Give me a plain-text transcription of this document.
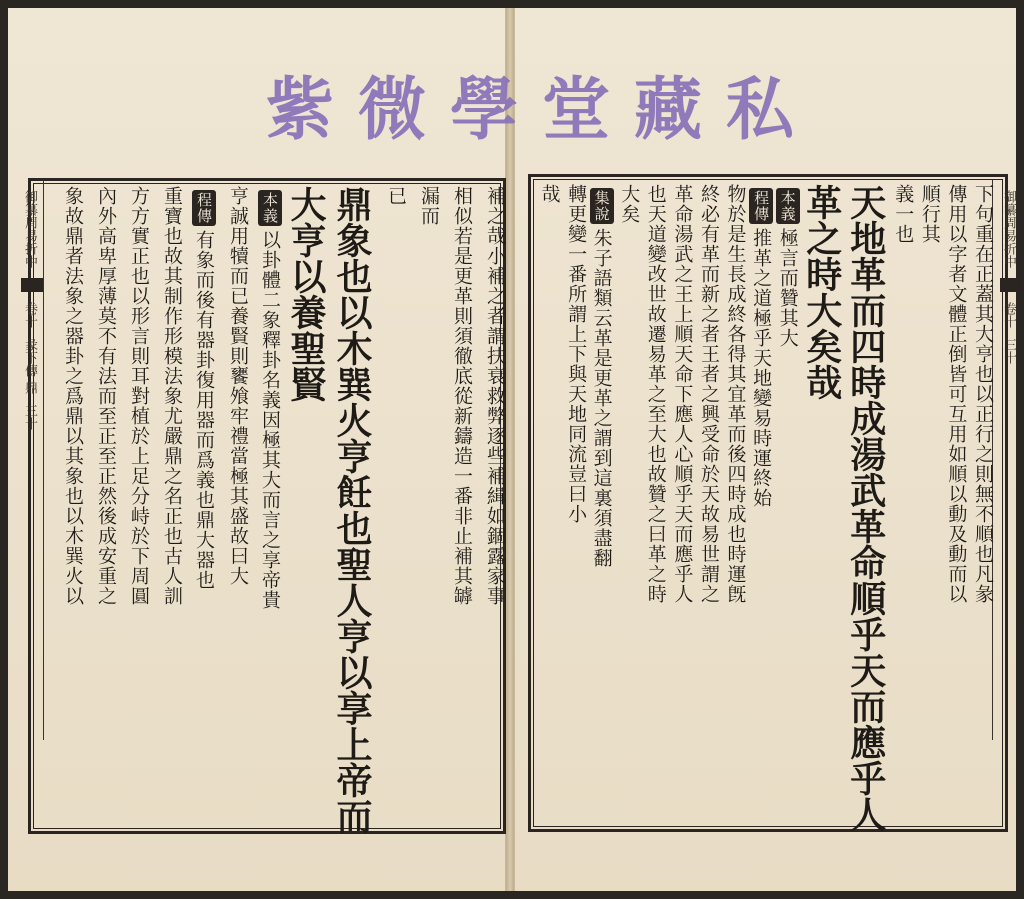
紫微學堂藏私
御纂周易折中
卷十
彖下傳 鼎
三十	補之哉小補之者謂扶衰救弊逐些補緝如錮露家事
相似若是更革則須徹底從新鑄造一番非止補其罅
漏而
已
鼎象也以木巽火亨飪也聖人亨以享上帝而
大亨以養聖賢
本義以卦體二象釋卦名義因極其大而言之享帝貴
亨誠用犢而已養賢則饔飧牢禮當極其盛故曰大
程傳有象而後有器卦復用器而爲義也鼎大器也
重寶也故其制作形模法象尤嚴鼎之名正也古人訓
方方實正也以形言則耳對植於上足分峙於下周圓
內外高卑厚薄莫不有法而至正至正然後成安重之
象故鼎者法象之器卦之爲鼎以其象也以木巽火以	御纂周易折中
卷十
三十
下句重在正蓋其大亨也以正行之則無不順也凡彖
傳用以字者文體正倒皆可互用如順以動及動而以
順行其
義一也
天地革而四時成湯武革命順乎天而應乎人
革之時大矣哉
本義極言而贊其大
程傳推革之道極乎天地變易時運終始
物於是生長成終各得其宜革而後四時成也時運旣
終必有革而新之者王者之興受命於天故易世謂之
革命湯武之王上順天命下應人心順乎天而應乎人
也天道變改世故遷易革之至大也故贊之曰革之時
大矣
集說朱子語類云革是更革之謂到這裏須盡翻
轉更變一番所謂上下與天地同流豈曰小
哉
